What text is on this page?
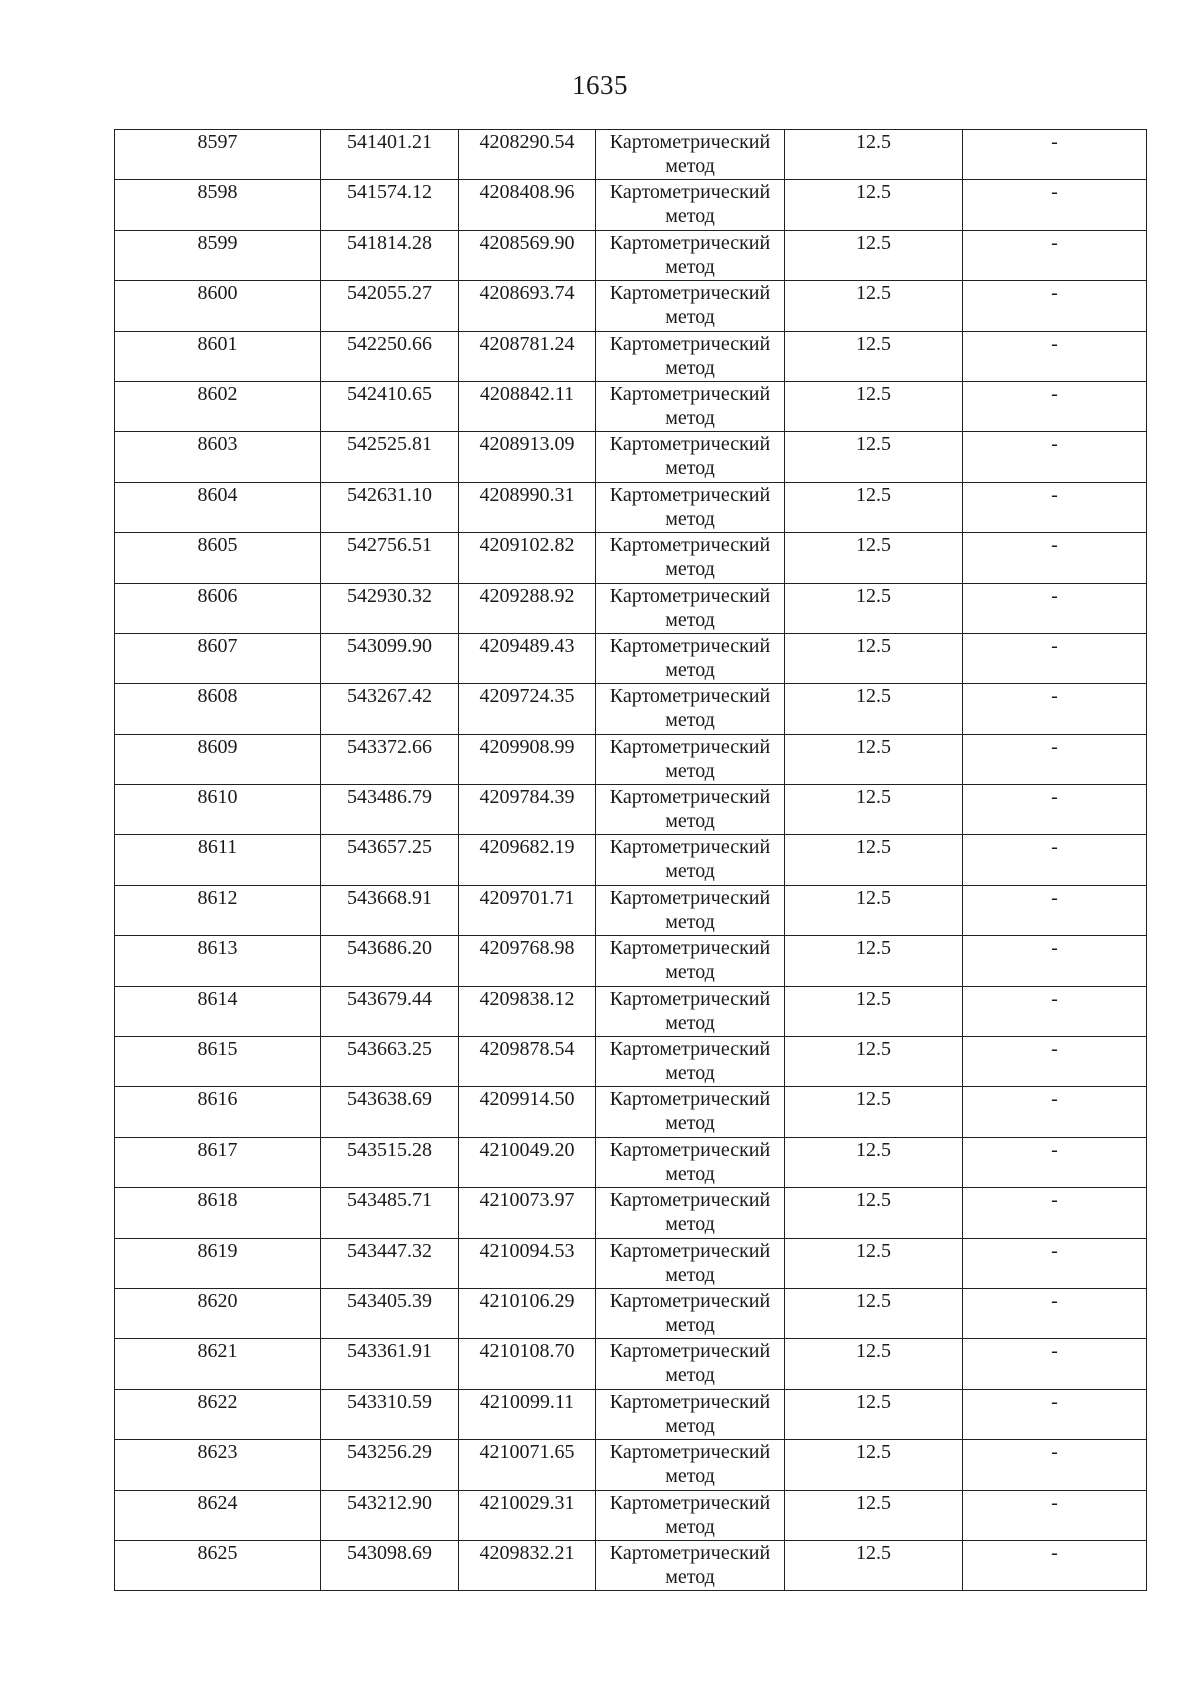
1635
8597	541401.21	4208290.54	Картометрический метод	12.5	-
8598	541574.12	4208408.96	Картометрический метод	12.5	-
8599	541814.28	4208569.90	Картометрический метод	12.5	-
8600	542055.27	4208693.74	Картометрический метод	12.5	-
8601	542250.66	4208781.24	Картометрический метод	12.5	-
8602	542410.65	4208842.11	Картометрический метод	12.5	-
8603	542525.81	4208913.09	Картометрический метод	12.5	-
8604	542631.10	4208990.31	Картометрический метод	12.5	-
8605	542756.51	4209102.82	Картометрический метод	12.5	-
8606	542930.32	4209288.92	Картометрический метод	12.5	-
8607	543099.90	4209489.43	Картометрический метод	12.5	-
8608	543267.42	4209724.35	Картометрический метод	12.5	-
8609	543372.66	4209908.99	Картометрический метод	12.5	-
8610	543486.79	4209784.39	Картометрический метод	12.5	-
8611	543657.25	4209682.19	Картометрический метод	12.5	-
8612	543668.91	4209701.71	Картометрический метод	12.5	-
8613	543686.20	4209768.98	Картометрический метод	12.5	-
8614	543679.44	4209838.12	Картометрический метод	12.5	-
8615	543663.25	4209878.54	Картометрический метод	12.5	-
8616	543638.69	4209914.50	Картометрический метод	12.5	-
8617	543515.28	4210049.20	Картометрический метод	12.5	-
8618	543485.71	4210073.97	Картометрический метод	12.5	-
8619	543447.32	4210094.53	Картометрический метод	12.5	-
8620	543405.39	4210106.29	Картометрический метод	12.5	-
8621	543361.91	4210108.70	Картометрический метод	12.5	-
8622	543310.59	4210099.11	Картометрический метод	12.5	-
8623	543256.29	4210071.65	Картометрический метод	12.5	-
8624	543212.90	4210029.31	Картометрический метод	12.5	-
8625	543098.69	4209832.21	Картометрический метод	12.5	-
